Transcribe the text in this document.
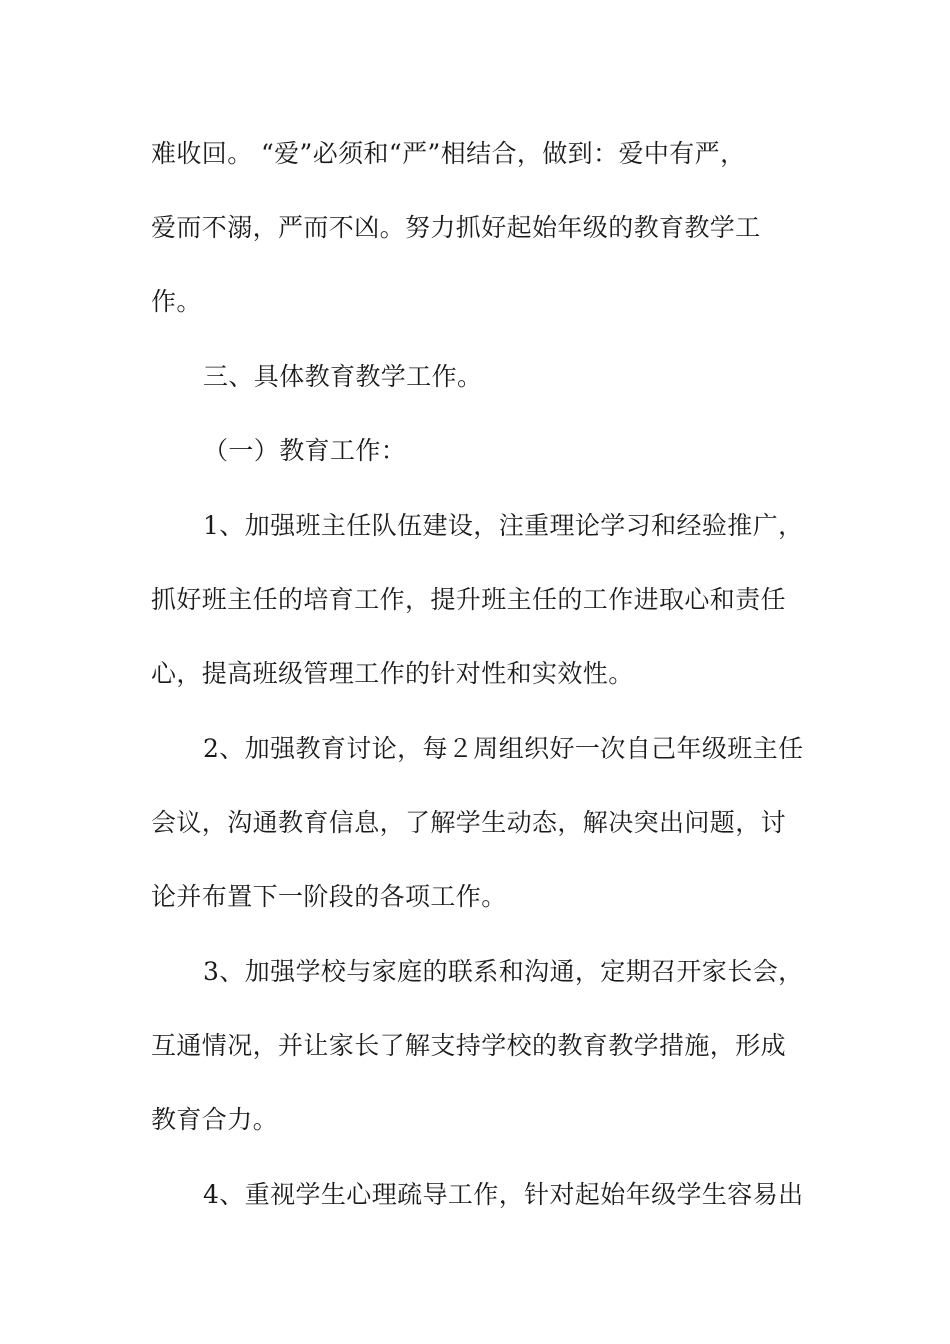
难收回。 “爱”必须和“严”相结合，做到：爱中有严，
爱而不溺，严而不凶。努力抓好起始年级的教育教学工
作。
三、具体教育教学工作。
（一）教育工作：
1、加强班主任队伍建设，注重理论学习和经验推广，
抓好班主任的培育工作，提升班主任的工作进取心和责任
心，提高班级管理工作的针对性和实效性。
2、加强教育讨论，每２周组织好一次自己年级班主任
会议，沟通教育信息，了解学生动态，解决突出问题，讨
论并布置下一阶段的各项工作。
3、加强学校与家庭的联系和沟通，定期召开家长会，
互通情况，并让家长了解支持学校的教育教学措施，形成
教育合力。
4、重视学生心理疏导工作，针对起始年级学生容易出
